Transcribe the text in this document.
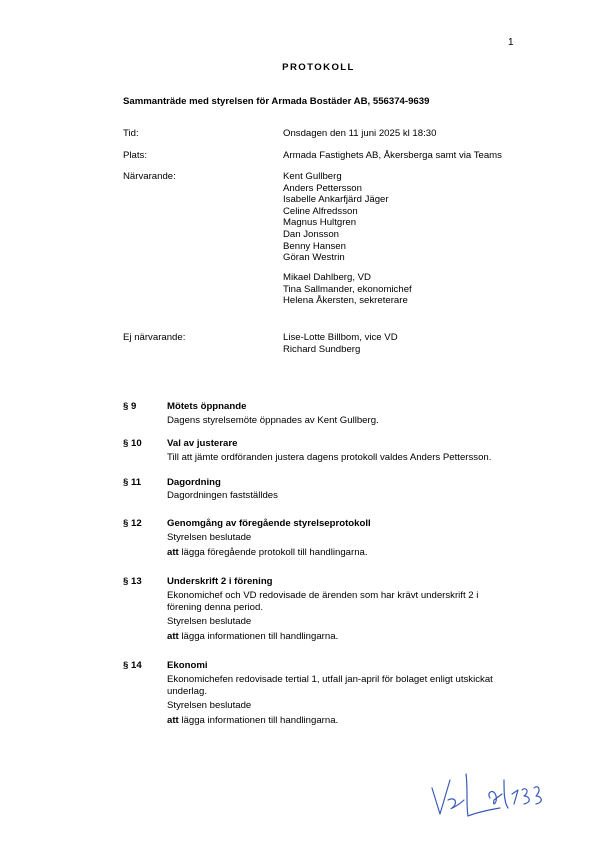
1
PROTOKOLL
Sammanträde med styrelsen för Armada Bostäder AB, 556374-9639
Tid:	Onsdagen den 11 juni 2025 kl 18:30
Plats:	Armada Fastighets AB, Åkersberga samt via Teams
Närvarande:	Kent Gullberg
Anders Pettersson
Isabelle Ankarfjärd Jäger
Celine Alfredsson
Magnus Hultgren
Dan Jonsson
Benny Hansen
Göran Westrin
Mikael Dahlberg, VD
Tina Sallmander, ekonomichef
Helena Åkersten, sekreterare
Ej närvarande:	Lise-Lotte Billbom, vice VD
Richard Sundberg
§ 9	Mötets öppnande

Dagens styrelsemöte öppnades av Kent Gullberg.

§ 10	Val av justerare

Till att jämte ordföranden justera dagens protokoll valdes Anders Pettersson.

§ 11	Dagordning

Dagordningen fastställdes

§ 12	Genomgång av föregående styrelseprotokoll

Styrelsen beslutade

att lägga föregående protokoll till handlingarna.

§ 13	Underskrift 2 i förening

Ekonomichef och VD redovisade de ärenden som har krävt underskrift 2 i

förening denna period.

Styrelsen beslutade

att lägga informationen till handlingarna.

§ 14	Ekonomi

Ekonomichefen redovisade tertial 1, utfall jan-april för bolaget enligt utskickat

underlag.

Styrelsen beslutade

att lägga informationen till handlingarna.
